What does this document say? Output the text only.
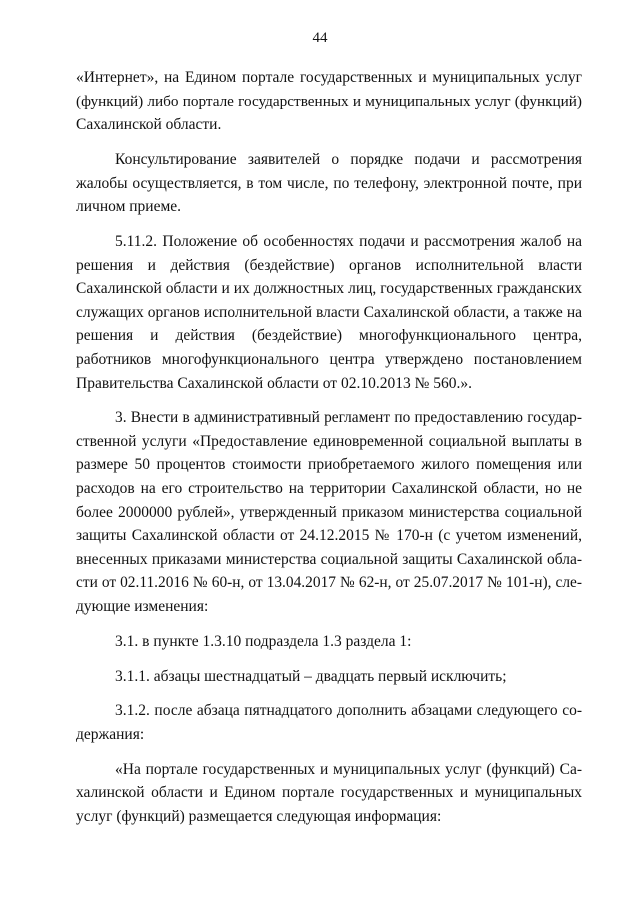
44
«Интернет», на Едином портале государственных и муниципальных услуг
(функций) либо портале государственных и муниципальных услуг (функций)
Сахалинской области.
Консультирование заявителей о порядке подачи и рассмотрения
жалобы осуществляется, в том числе, по телефону, электронной почте, при
личном приеме.
5.11.2. Положение об особенностях подачи и рассмотрения жалоб на
решения и действия (бездействие) органов исполнительной власти
Сахалинской области и их должностных лиц, государственных гражданских
служащих органов исполнительной власти Сахалинской области, а также на
решения и действия (бездействие) многофункционального центра,
работников многофункционального центра утверждено постановлением
Правительства Сахалинской области от 02.10.2013 № 560.».
3. Внести в административный регламент по предоставлению государ-
ственной услуги «Предоставление единовременной социальной выплаты в
размере 50 процентов стоимости приобретаемого жилого помещения или
расходов на его строительство на территории Сахалинской области, но не
более 2000000 рублей», утвержденный приказом министерства социальной
защиты Сахалинской области от 24.12.2015 № 170-н (с учетом изменений,
внесенных приказами министерства социальной защиты Сахалинской обла-
сти от 02.11.2016 № 60-н, от 13.04.2017 № 62-н, от 25.07.2017 № 101-н), сле-
дующие изменения:
3.1. в пункте 1.3.10 подраздела 1.3 раздела 1:
3.1.1. абзацы шестнадцатый – двадцать первый исключить;
3.1.2. после абзаца пятнадцатого дополнить абзацами следующего со-
держания:
«На портале государственных и муниципальных услуг (функций) Са-
халинской области и Едином портале государственных и муниципальных
услуг (функций) размещается следующая информация:
